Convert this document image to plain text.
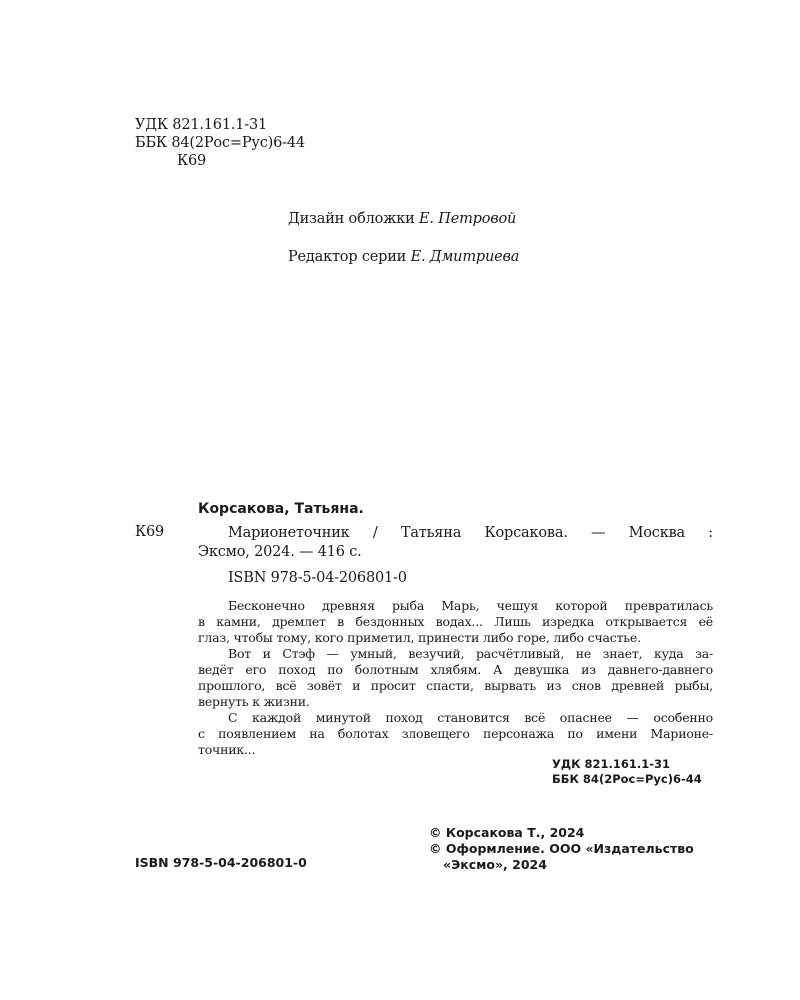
УДК 821.161.1-31
ББК 84(2Рос=Рус)6-44
К69
Дизайн обложки Е. Петровой
Редактор серии Е. Дмитриева
Корсакова, Татьяна.
К69	Марионеточник / Татьяна Корсакова. — Москва :
Эксмо, 2024. — 416 с.
ISBN 978-5-04-206801-0
Бесконечно древняя рыба Марь, чешуя которой превратилась
в камни, дремлет в бездонных водах... Лишь изредка открывается её
глаз, чтобы тому, кого приметил, принести либо горе, либо счастье.
Вот и Стэф — умный, везучий, расчётливый, не знает, куда за-
ведёт его поход по болотным хлябям. А девушка из давнего-давнего
прошлого, всё зовёт и просит спасти, вырвать из снов древней рыбы,
вернуть к жизни.
С каждой минутой поход становится всё опаснее — особенно
с появлением на болотах зловещего персонажа по имени Марионе-
точник...
УДК 821.161.1-31
ББК 84(2Рос=Рус)6-44
ISBN 978-5-04-206801-0
© Корсакова Т., 2024
© Оформление. ООО «Издательство
«Эксмо», 2024
